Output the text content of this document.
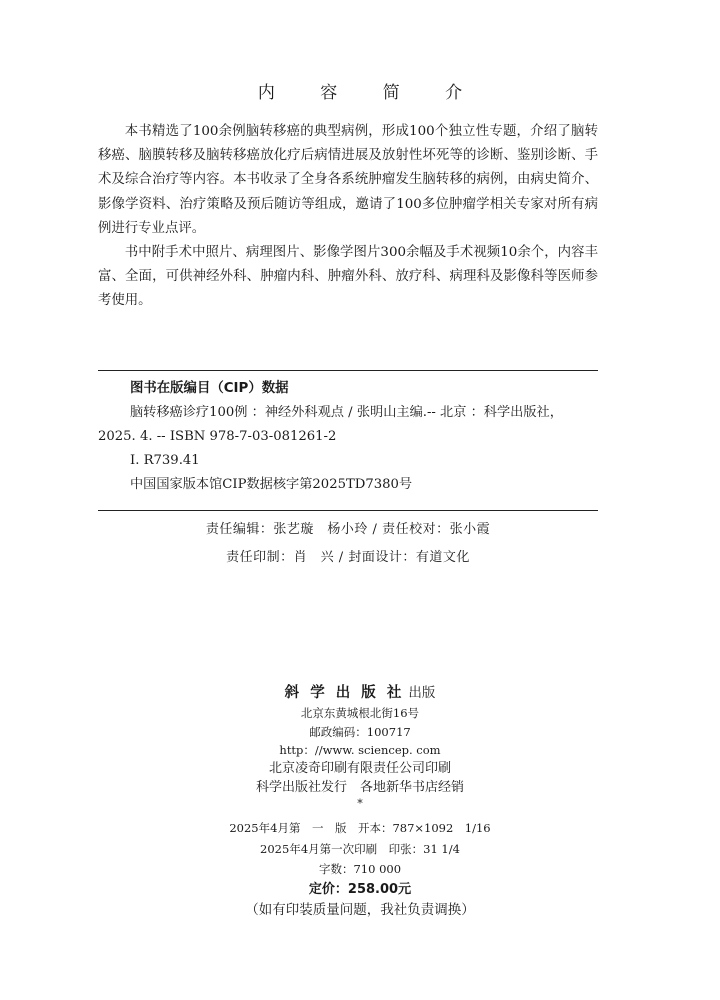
内 容 简 介

本书精选了100余例脑转移癌的典型病例，形成100个独立性专题，介绍了脑转移癌、脑膜转移及脑转移癌放化疗后病情进展及放射性坏死等的诊断、鉴别诊断、手术及综合治疗等内容。本书收录了全身各系统肿瘤发生脑转移的病例，由病史简介、影像学资料、治疗策略及预后随访等组成，邀请了100多位肿瘤学相关专家对所有病例进行专业点评。

书中附手术中照片、病理图片、影像学图片300余幅及手术视频10余个，内容丰富、全面，可供神经外科、肿瘤内科、肿瘤外科、放疗科、病理科及影像科等医师参考使用。

图书在版编目（CIP）数据

脑转移癌诊疗100例 ：神经外科观点 / 张明山主编.-- 北京 ：科学出版社， 2025. 4. -- ISBN 978-7-03-081261-2

Ⅰ. R739.41
中国国家版本馆CIP数据核字第2025TD7380号
责任编辑：张艺璇　杨小玲 / 责任校对：张小霞
责任印制：肖　兴 / 封面设计：有道文化
斜 学 出 版 社 出版
北京东黄城根北街16号
邮政编码：100717
http：//www. sciencep. com
北京凌奇印刷有限责任公司印刷
科学出版社发行　各地新华书店经销
*
2025年4月第　一　版　开本：787×1092　1/16
2025年4月第一次印刷　印张：31 1/4
字数：710 000
定价：258.00元
（如有印装质量问题，我社负责调换）
